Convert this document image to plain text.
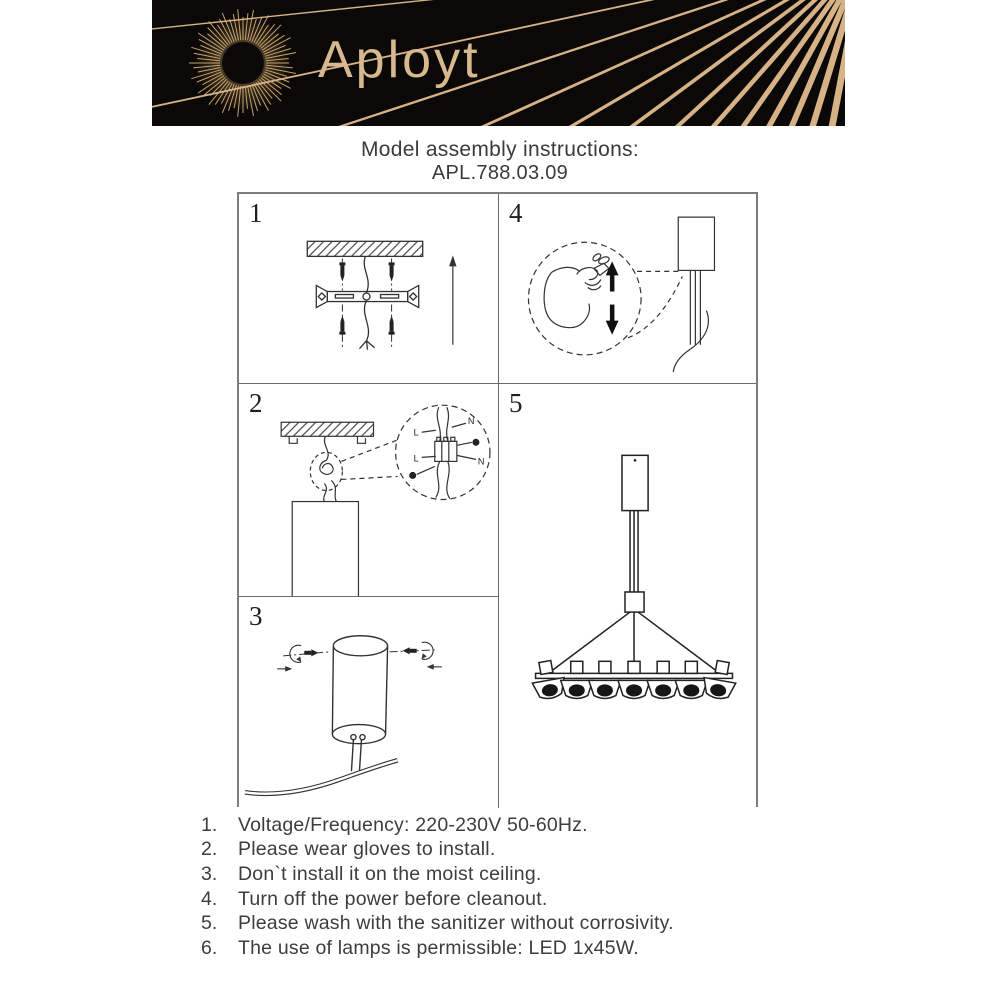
Aployt
Model assembly instructions:
APL.788.03.09
1
2
L
N
L	N
3
4
5
1.	Voltage/Frequency: 220-230V 50-60Hz.
2.	Please wear gloves to install.
3.	Don`t install it on the moist ceiling.
4.	Turn off the power before cleanout.
5.	Please wash with the sanitizer without corrosivity.
6.	The use of lamps is permissible: LED 1x45W.
